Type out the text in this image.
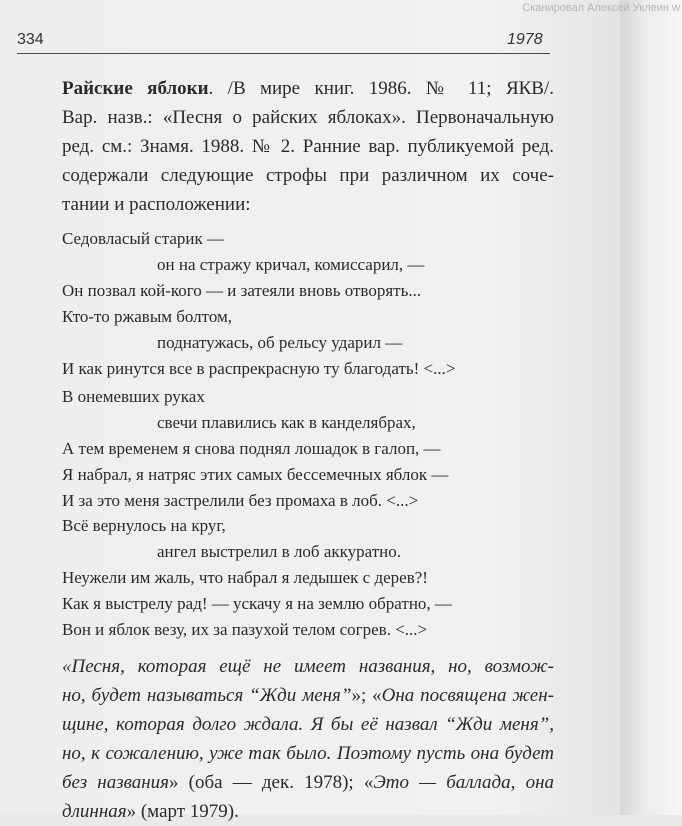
334	1978
Райские яблоки. /В мире книг. 1986. № 11; ЯКВ/.
Вар. назв.: «Песня о райских яблоках». Первоначальную
ред. см.: Знамя. 1988. № 2. Ранние вар. публикуемой ред.
содержали следующие строфы при различном их соче-
тании и расположении:
Седовласый старик —
он на стражу кричал, комиссарил, —
Он позвал кой-кого — и затеяли вновь отворять...
Кто-то ржавым болтом,
поднатужась, об рельсу ударил —
И как ринутся все в распрекрасную ту благодать! <...>
В онемевших руках
свечи плавились как в канделябрах,
А тем временем я снова поднял лошадок в галоп, —
Я набрал, я натряс этих самых бессемечных яблок —
И за это меня застрелили без промаха в лоб. <...>
Всё вернулось на круг,
ангел выстрелил в лоб аккуратно.
Неужели им жаль, что набрал я ледышек с дерев?!
Как я выстрелу рад! — ускачу я на землю обратно, —
Вон и яблок везу, их за пазухой телом согрев. <...>
«Песня, которая ещё не имеет названия, но, возмож-
но, будет называться “Жди меня”»; «Она посвящена жен-
щине, которая долго ждала. Я бы её назвал “Жди меня”,
но, к сожалению, уже так было. Поэтому пусть она будет
без названия» (оба — дек. 1978); «Это — баллада, она
длинная» (март 1979).
Сканировал Алексей Уклеин w
